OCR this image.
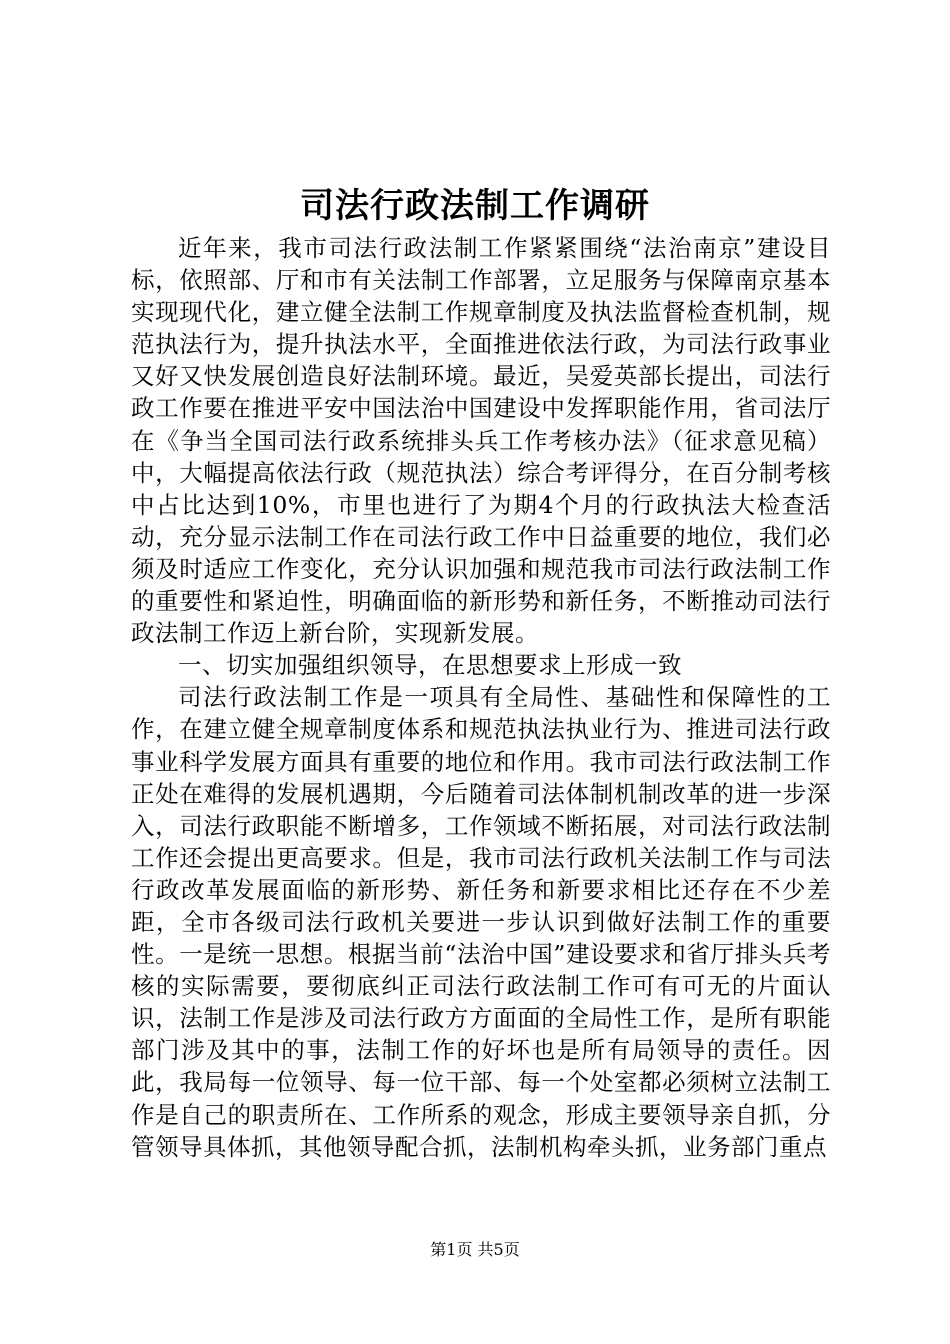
司法行政法制工作调研

近年来，我市司法行政法制工作紧紧围绕“法治南京”建设目标，依照部、厅和市有关法制工作部署，立足服务与保障南京基本实现现代化，建立健全法制工作规章制度及执法监督检查机制，规范执法行为，提升执法水平，全面推进依法行政，为司法行政事业又好又快发展创造良好法制环境。最近，吴爱英部长提出，司法行政工作要在推进平安中国法治中国建设中发挥职能作用，省司法厅在《争当全国司法行政系统排头兵工作考核办法》（征求意见稿）中，大幅提高依法行政（规范执法）综合考评得分，在百分制考核中占比达到10%，市里也进行了为期4个月的行政执法大检查活动，充分显示法制工作在司法行政工作中日益重要的地位，我们必须及时适应工作变化，充分认识加强和规范我市司法行政法制工作的重要性和紧迫性，明确面临的新形势和新任务，不断推动司法行政法制工作迈上新台阶，实现新发展。

一、切实加强组织领导，在思想要求上形成一致

司法行政法制工作是一项具有全局性、基础性和保障性的工作，在建立健全规章制度体系和规范执法执业行为、推进司法行政事业科学发展方面具有重要的地位和作用。我市司法行政法制工作正处在难得的发展机遇期，今后随着司法体制机制改革的进一步深入，司法行政职能不断增多，工作领域不断拓展，对司法行政法制工作还会提出更高要求。但是，我市司法行政机关法制工作与司法行政改革发展面临的新形势、新任务和新要求相比还存在不少差距，全市各级司法行政机关要进一步认识到做好法制工作的重要性。一是统一思想。根据当前“法治中国”建设要求和省厅排头兵考核的实际需要，要彻底纠正司法行政法制工作可有可无的片面认识，法制工作是涉及司法行政方方面面的全局性工作，是所有职能部门涉及其中的事，法制工作的好坏也是所有局领导的责任。因此，我局每一位领导、每一位干部、每一个处室都必须树立法制工作是自己的职责所在、工作所系的观念，形成主要领导亲自抓，分管领导具体抓，其他领导配合抓，法制机构牵头抓，业务部门重点

第1页 共5页
